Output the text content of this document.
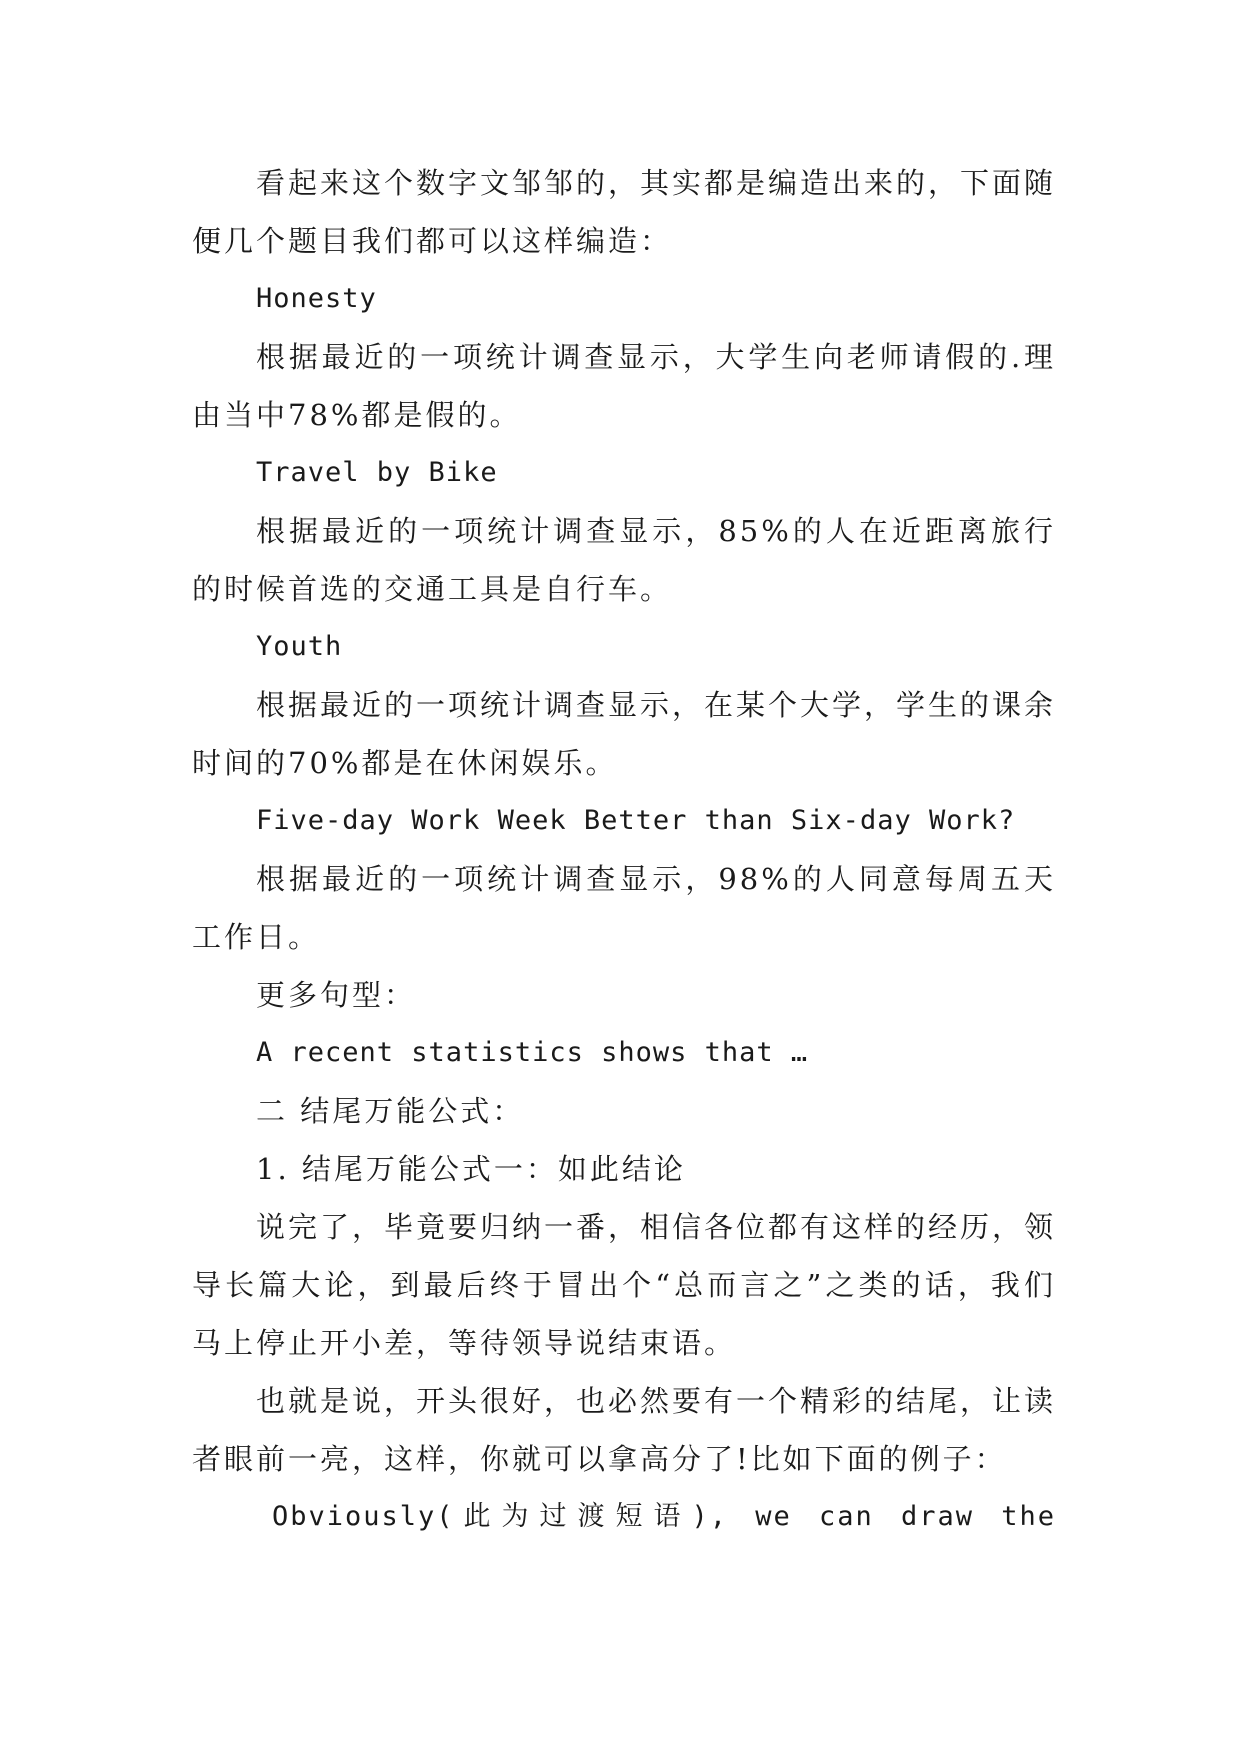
看起来这个数字文邹邹的，其实都是编造出来的，下面随便几个题目我们都可以这样编造：

Honesty

根据最近的一项统计调查显示，大学生向老师请假的.理由当中78%都是假的。

Travel by Bike

根据最近的一项统计调查显示，85%的人在近距离旅行的时候首选的交通工具是自行车。

Youth

根据最近的一项统计调查显示，在某个大学，学生的课余时间的70%都是在休闲娱乐。

Five-day Work Week Better than Six-day Work?

根据最近的一项统计调查显示，98%的人同意每周五天工作日。

更多句型：

A recent statistics shows that …

二 结尾万能公式：

1. 结尾万能公式一：如此结论

说完了，毕竟要归纳一番，相信各位都有这样的经历，领导长篇大论，到最后终于冒出个“总而言之”之类的话，我们马上停止开小差，等待领导说结束语。

也就是说，开头很好，也必然要有一个精彩的结尾，让读者眼前一亮，这样，你就可以拿高分了!比如下面的例子：

Obviously(此为过渡短语), we can draw the
